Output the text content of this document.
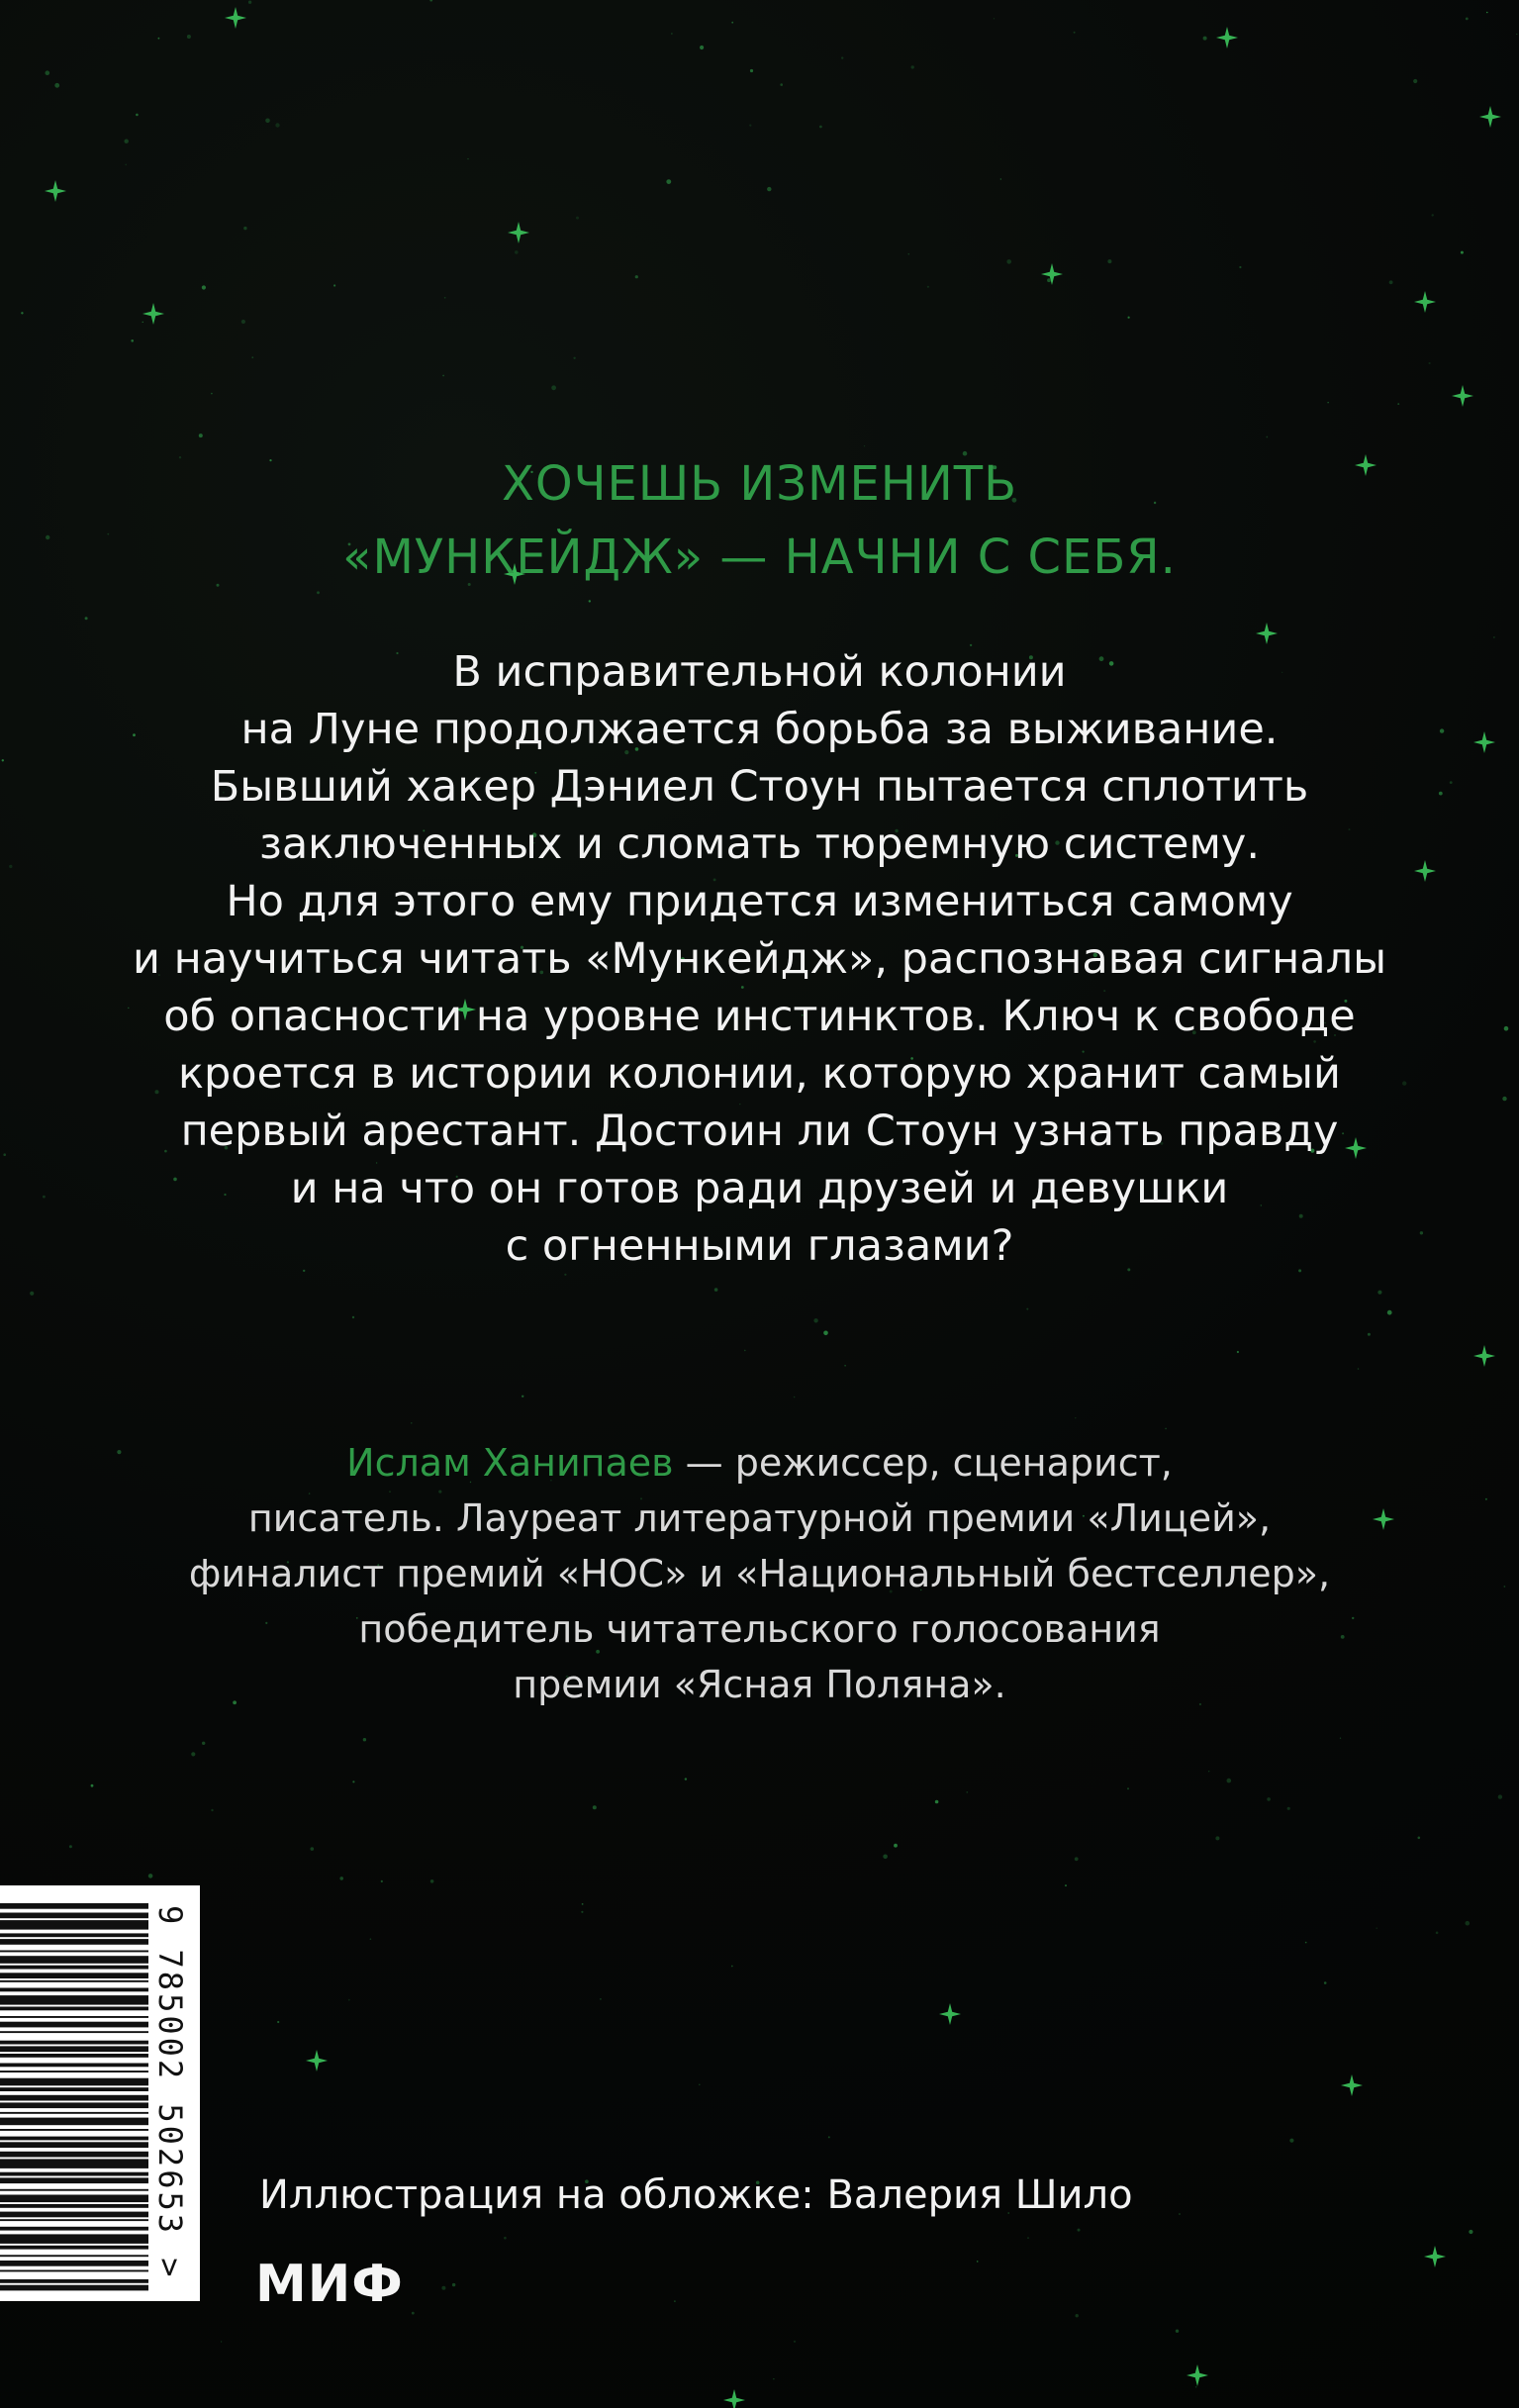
ХОЧЕШЬ ИЗМЕНИТЬ
«МУНКЕЙДЖ» — НАЧНИ С СЕБЯ.
В исправительной колонии
на Луне продолжается борьба за выживание.
Бывший хакер Дэниел Стоун пытается сплотить
заключенных и сломать тюремную систему.
Но для этого ему придется измениться самому
и научиться читать «Мункейдж», распознавая сигналы
об опасности на уровне инстинктов. Ключ к свободе
кроется в истории колонии, которую хранит самый
первый арестант. Достоин ли Стоун узнать правду
и на что он готов ради друзей и девушки
с огненными глазами?
Ислам Ханипаев — режиссер, сценарист,
писатель. Лауреат литературной премии «Лицей»,
финалист премий «НОС» и «Национальный бестселлер»,
победитель читательского голосования
премии «Ясная Поляна».
9 785002 502653 > Иллюстрация на обложке: Валерия Шило
МИФ
